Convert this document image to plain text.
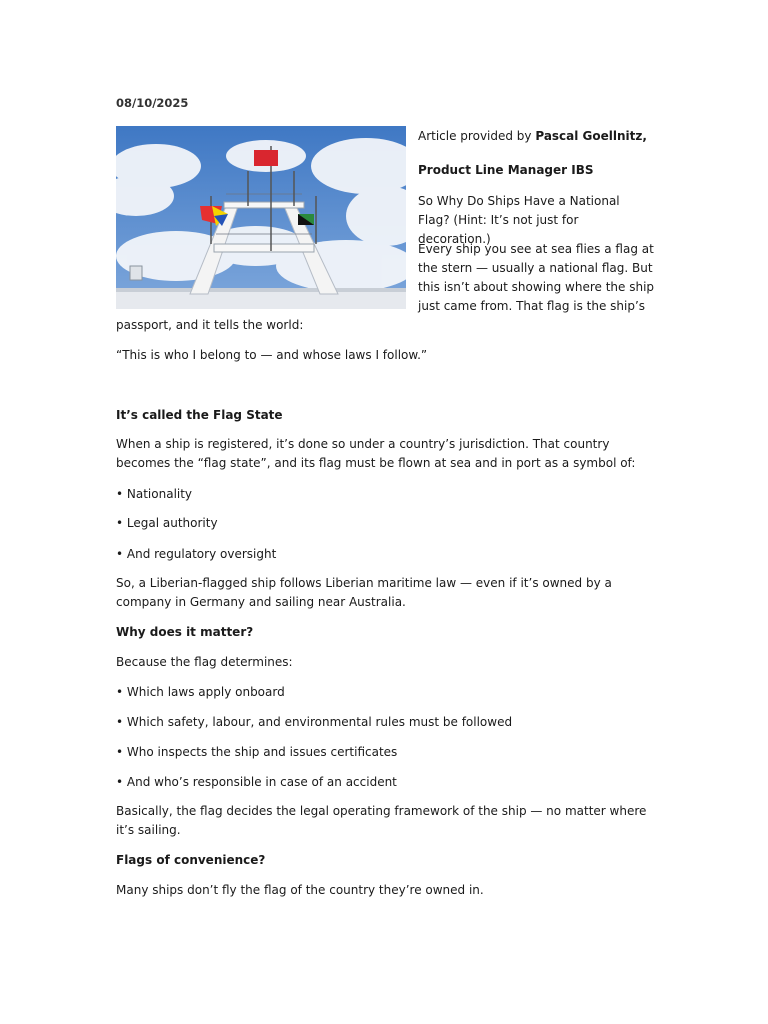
08/10/2025

Article provided by Pascal Goellnitz,

Product Line Manager IBS

So Why Do Ships Have a National Flag? (Hint: It’s not just for decoration.)

Every ship you see at sea flies a flag at

the stern — usually a national flag. But

this isn’t about showing where the ship

just came from. That flag is the ship’s

passport, and it tells the world:

“This is who I belong to — and whose laws I follow.”

It’s called the Flag State

When a ship is registered, it’s done so under a country’s jurisdiction. That country becomes the “flag state”, and its flag must be flown at sea and in port as a symbol of:

• Nationality

• Legal authority

• And regulatory oversight

So, a Liberian-flagged ship follows Liberian maritime law — even if it’s owned by a company in Germany and sailing near Australia.

Why does it matter?

Because the flag determines:

• Which laws apply onboard

• Which safety, labour, and environmental rules must be followed

• Who inspects the ship and issues certificates

• And who’s responsible in case of an accident

Basically, the flag decides the legal operating framework of the ship — no matter where it’s sailing.

Flags of convenience?

Many ships don’t fly the flag of the country they’re owned in.
